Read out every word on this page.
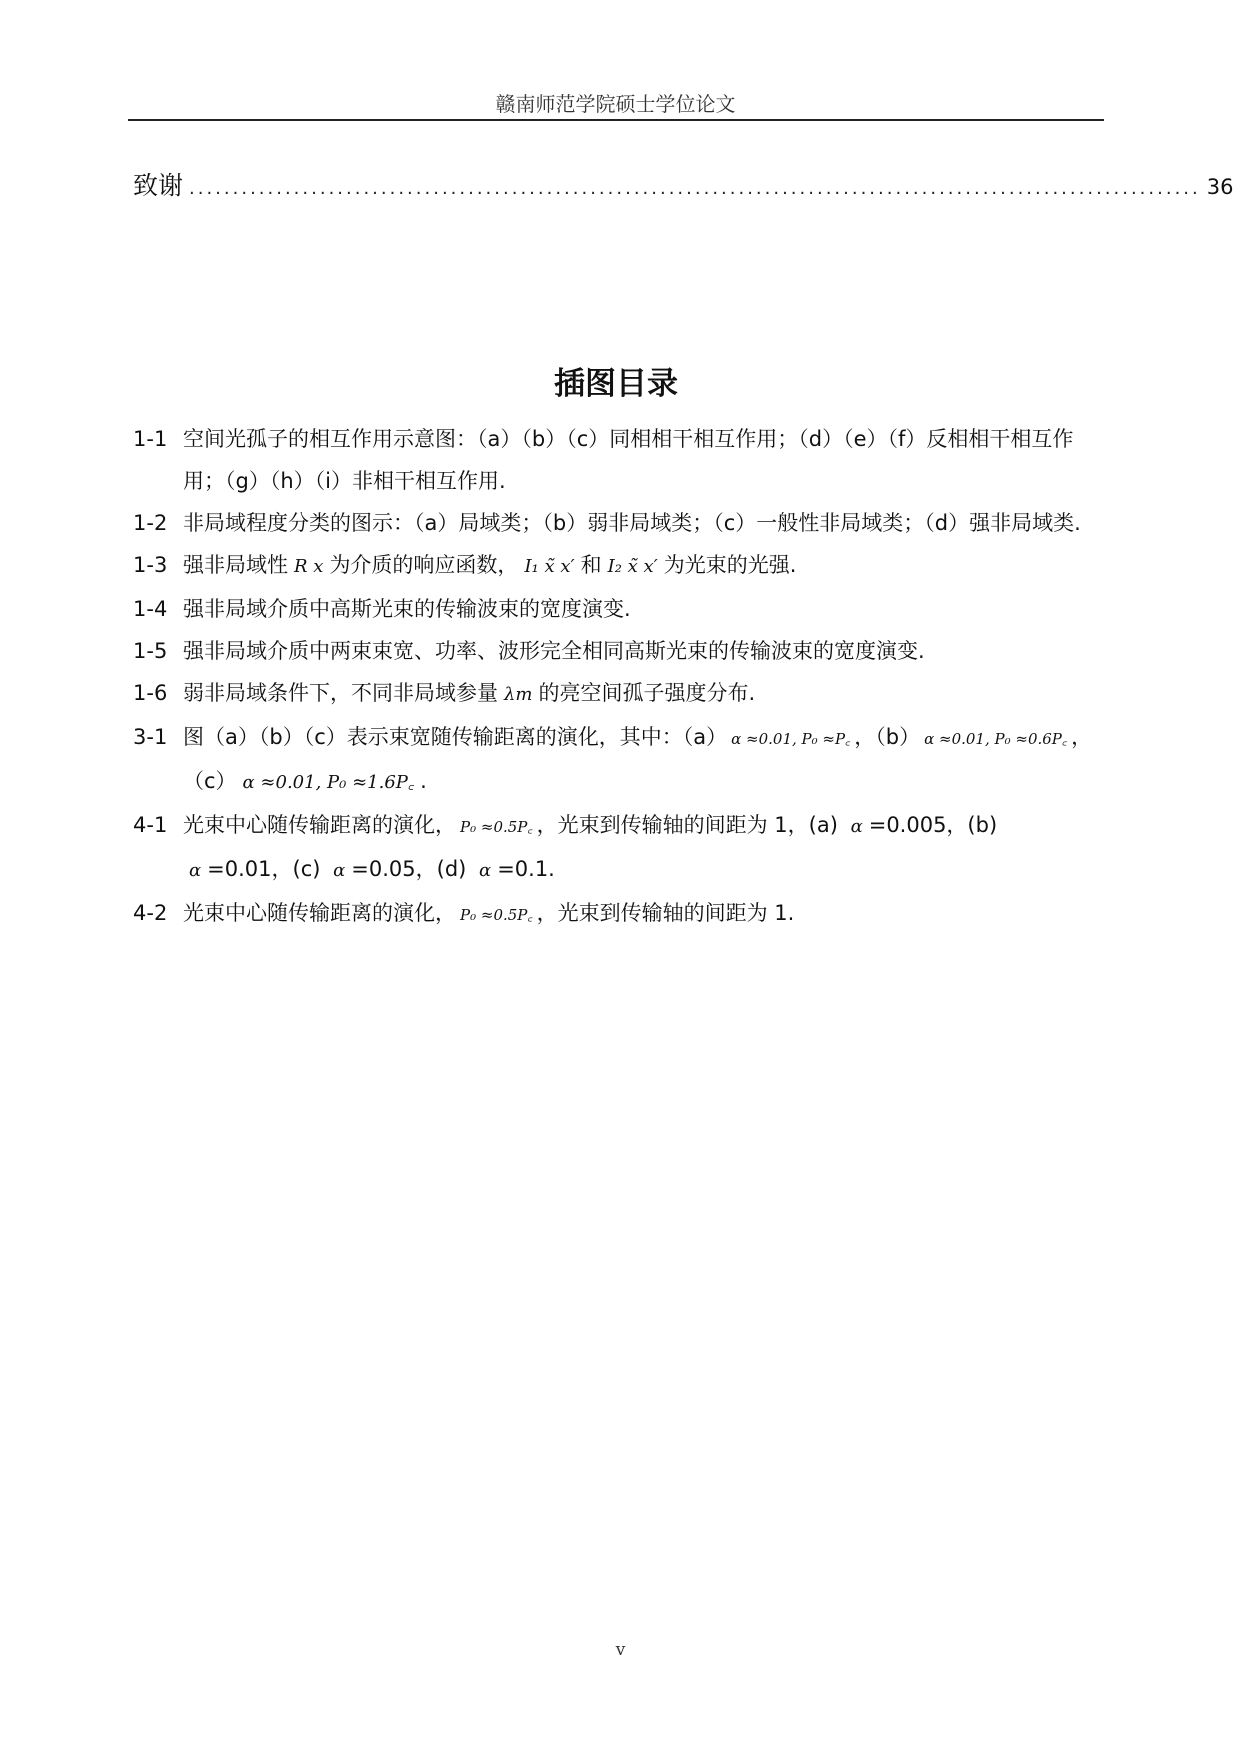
赣南师范学院硕士学位论文
致谢 .................................................................................................................... 36
插图目录
1-1 空间光孤子的相互作用示意图：（a）（b）（c）同相相干相互作用；（d）（e）（f）反相相干相互作用；（g）（h）（i）非相干相互作用.
1-2 非局域程度分类的图示：（a）局域类；（b）弱非局域类；（c）一般性非局域类；（d）强非局域类.
1-3 强非局域性 R x 为介质的响应函数， I₁ x̃ x′ 和 I₂ x̃ x′ 为光束的光强.
1-4 强非局域介质中高斯光束的传输波束的宽度演变.
1-5 强非局域介质中两束束宽、功率、波形完全相同高斯光束的传输波束的宽度演变.
1-6 弱非局域条件下，不同非局域参量 λm 的亮空间孤子强度分布.
3-1 图（a）（b）（c）表示束宽随传输距离的演化，其中：（a） α ≈0.01, P₀ ≈P꜀ ，（b） α ≈0.01, P₀ ≈0.6P꜀ ，
（c） α ≈0.01, P₀ ≈1.6P꜀ .
4-1 光束中心随传输距离的演化， P₀ ≈0.5P꜀ ，光束到传输轴的间距为 1，(a) α =0.005，(b) α =0.01，(c) α =0.05，(d) α =0.1.
4-2 光束中心随传输距离的演化， P₀ ≈0.5P꜀ ，光束到传输轴的间距为 1.
v
